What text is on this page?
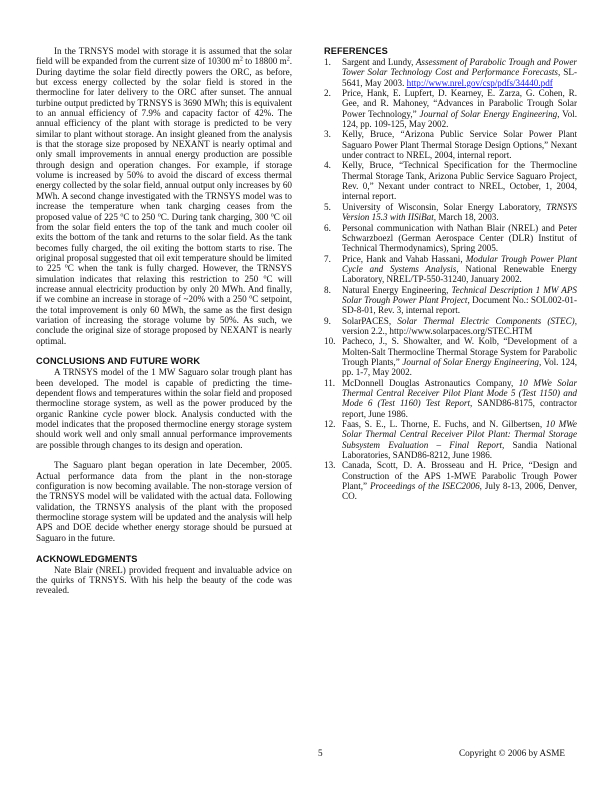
In the TRNSYS model with storage it is assumed that the solar field will be expanded from the current size of 10300 $m^2$ to 18800 $m^2$. During daytime the solar field directly powers the ORC, as before, but excess energy collected by the solar field is stored in the thermocline for later delivery to the ORC after sunset. The annual turbine output predicted by TRNSYS is 3690 MWh; this is equivalent to an annual efficiency of 7.9% and capacity factor of 42%. The annual efficiency of the plant with storage is predicted to be very similar to plant without storage. An insight gleaned from the analysis is that the storage size proposed by NEXANT is nearly optimal and only small improvements in annual energy production are possible through design and operation changes. For example, if storage volume is increased by 50% to avoid the discard of excess thermal energy collected by the solar field, annual output only increases by 60 MWh. A second change investigated with the TRNSYS model was to increase the temperature when tank charging ceases from the proposed value of 225 $^o$C to 250 $^o$C. During tank charging, 300 $^o$C oil from the solar field enters the top of the tank and much cooler oil exits the bottom of the tank and returns to the solar field. As the tank becomes fully charged, the oil exiting the bottom starts to rise. The original proposal suggested that oil exit temperature should be limited to 225 $^o$C when the tank is fully charged. However, the TRNSYS simulation indicates that relaxing this restriction to 250 $^o$C will increase annual electricity production by only 20 MWh. And finally, if we combine an increase in storage of ~20% with a 250 $^o$C setpoint, the total improvement is only 60 MWh, the same as the first design variation of increasing the storage volume by 50%. As such, we conclude the original size of storage proposed by NEXANT is nearly optimal.

CONCLUSIONS AND FUTURE WORK

A TRNSYS model of the 1 MW Saguaro solar trough plant has been developed. The model is capable of predicting the time-dependent flows and temperatures within the solar field and proposed thermocline storage system, as well as the power produced by the organic Rankine cycle power block. Analysis conducted with the model indicates that the proposed thermocline energy storage system should work well and only small annual performance improvements are possible through changes to its design and operation.

The Saguaro plant began operation in late December, 2005. Actual performance data from the plant in the non-storage configuration is now becoming available. The non-storage version of the TRNSYS model will be validated with the actual data. Following validation, the TRNSYS analysis of the plant with the proposed thermocline storage system will be updated and the analysis will help APS and DOE decide whether energy storage should be pursued at Saguaro in the future.

ACKNOWLEDGMENTS

Nate Blair (NREL) provided frequent and invaluable advice on the quirks of TRNSYS. With his help the beauty of the code was revealed.

REFERENCES
1. Sargent and Lundy, Assessment of Parabolic Trough and Power Tower Solar Technology Cost and Performance Forecasts, SL-5641, May 2003. http://www.nrel.gov/csp/pdfs/34440.pdf
2. Price, Hank, E. Lupfert, D. Kearney, E. Zarza, G. Cohen, R. Gee, and R. Mahoney, “Advances in Parabolic Trough Solar Power Technology,” Journal of Solar Energy Engineering, Vol. 124, pp. 109-125, May 2002.
3. Kelly, Bruce, “Arizona Public Service Solar Power Plant Saguaro Power Plant Thermal Storage Design Options,” Nexant under contract to NREL, 2004, internal report.
4. Kelly, Bruce, “Technical Specification for the Thermocline Thermal Storage Tank, Arizona Public Service Saguaro Project, Rev. 0,” Nexant under contract to NREL, October, 1, 2004, internal report.
5. University of Wisconsin, Solar Energy Laboratory, TRNSYS Version 15.3 with IISiBat, March 18, 2003.
6. Personal communication with Nathan Blair (NREL) and Peter Schwarzboezl (German Aerospace Center (DLR) Institut of Technical Thermodynamics), Spring 2005.
7. Price, Hank and Vahab Hassani, Modular Trough Power Plant Cycle and Systems Analysis, National Renewable Energy Laboratory, NREL/TP-550-31240, January 2002.
8. Natural Energy Engineering, Technical Description 1 MW APS Solar Trough Power Plant Project, Document No.: SOL002-01-SD-8-01, Rev. 3, internal report.
9. SolarPACES, Solar Thermal Electric Components (STEC), version 2.2., http://www.solarpaces.org/STEC.HTM
10. Pacheco, J., S. Showalter, and W. Kolb, “Development of a Molten-Salt Thermocline Thermal Storage System for Parabolic Trough Plants,” Journal of Solar Energy Engineering, Vol. 124, pp. 1-7, May 2002.
11. McDonnell Douglas Astronautics Company, 10 MWe Solar Thermal Central Receiver Pilot Plant Mode 5 (Test 1150) and Mode 6 (Test 1160) Test Report, SAND86-8175, contractor report, June 1986.
12. Faas, S. E., L. Thorne, E. Fuchs, and N. Gilbertsen, 10 MWe Solar Thermal Central Receiver Pilot Plant: Thermal Storage Subsystem Evaluation – Final Report, Sandia National Laboratories, SAND86-8212, June 1986.
13. Canada, Scott, D. A. Brosseau and H. Price, “Design and Construction of the APS 1-MWE Parabolic Trough Power Plant,” Proceedings of the ISEC2006, July 8-13, 2006, Denver, CO.
5	Copyright © 2006 by ASME
